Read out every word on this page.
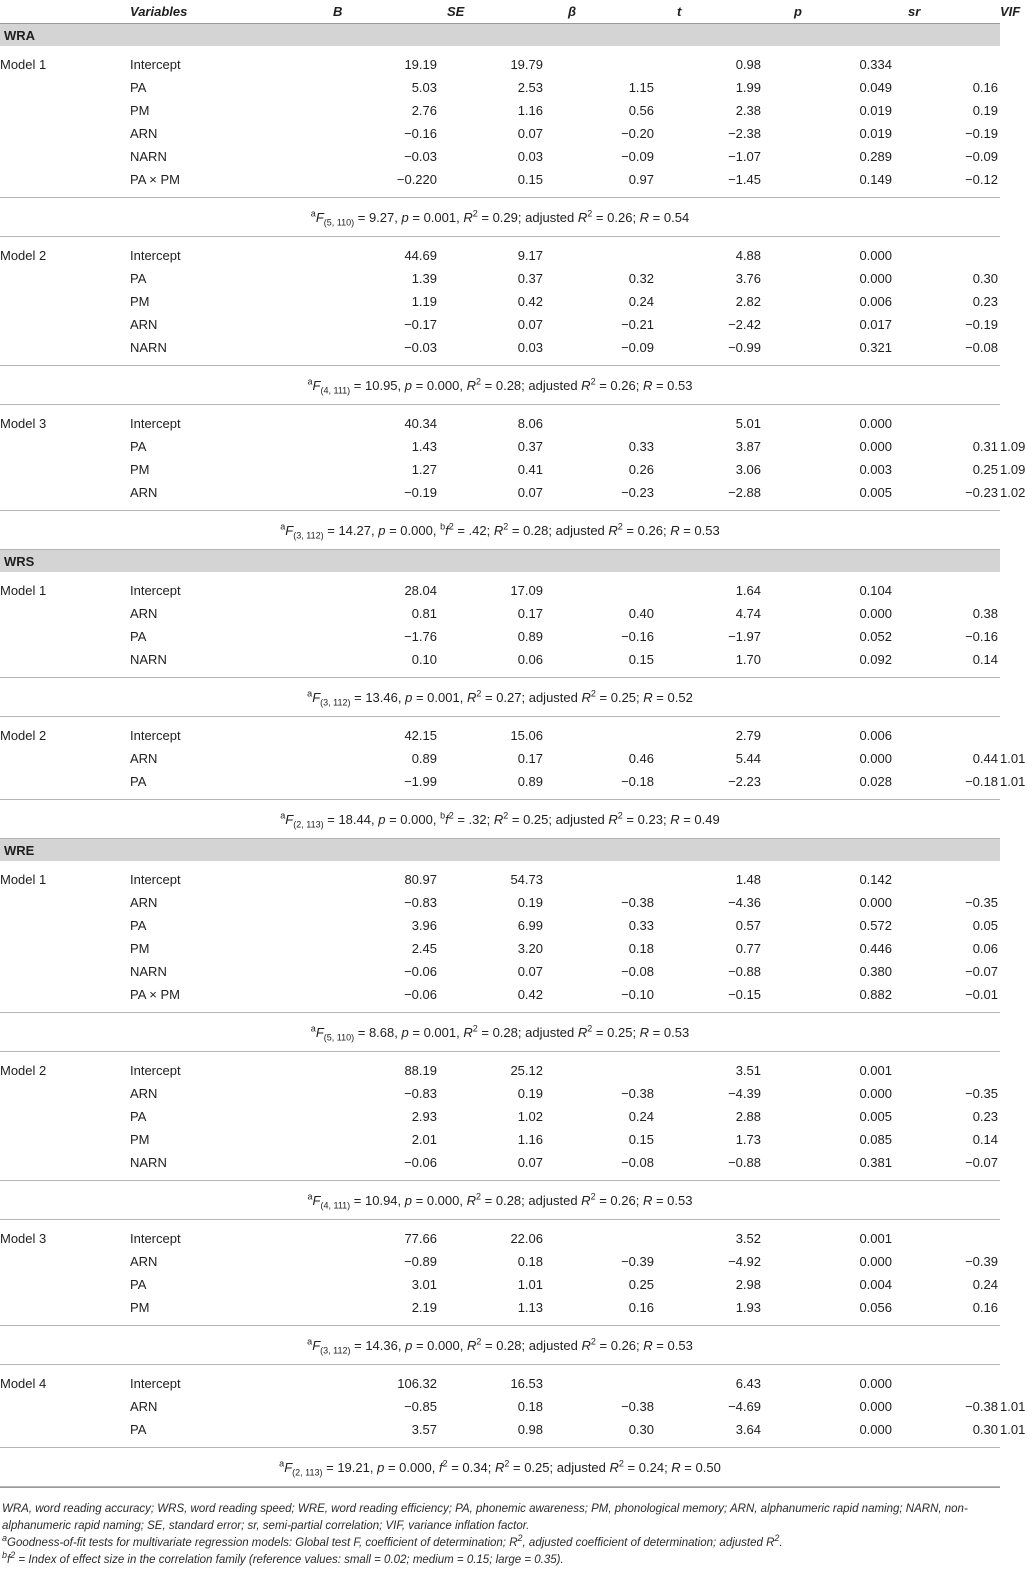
	Variables		B	SE	β	t	p	sr	VIF
WRA									
Model 1	Intercept		19.19	19.79		0.98	0.334		
	PA		5.03	2.53	1.15	1.99	0.049	0.16	
	PM		2.76	1.16	0.56	2.38	0.019	0.19	
	ARN		−0.16	0.07	−0.20	−2.38	0.019	−0.19	
	NARN		−0.03	0.03	−0.09	−1.07	0.289	−0.09	
	PA × PM		−0.220	0.15	0.97	−1.45	0.149	−0.12	
$^aF_{(5, 110)} = 9.27$, p = 0.001, $R^2 = 0.29$; adjusted $R^2 = 0.26$; R = 0.54									
Model 2	Intercept		44.69	9.17		4.88	0.000		
	PA		1.39	0.37	0.32	3.76	0.000	0.30	
	PM		1.19	0.42	0.24	2.82	0.006	0.23	
	ARN		−0.17	0.07	−0.21	−2.42	0.017	−0.19	
	NARN		−0.03	0.03	−0.09	−0.99	0.321	−0.08	
$^aF_{(4, 111)} = 10.95$, p = 0.000, $R^2 = 0.28$; adjusted $R^2 = 0.26$; R = 0.53									
Model 3	Intercept		40.34	8.06		5.01	0.000		
	PA		1.43	0.37	0.33	3.87	0.000	0.31	1.09
	PM		1.27	0.41	0.26	3.06	0.003	0.25	1.09
	ARN		−0.19	0.07	−0.23	−2.88	0.005	−0.23	1.02
$^aF_{(3, 112)} = 14.27$, p = 0.000, $^bf^2 = .42$; $R^2 = 0.28$; adjusted $R^2 = 0.26$; R = 0.53									
WRS									
Model 1	Intercept		28.04	17.09		1.64	0.104		
	ARN		0.81	0.17	0.40	4.74	0.000	0.38	
	PA		−1.76	0.89	−0.16	−1.97	0.052	−0.16	
	NARN		0.10	0.06	0.15	1.70	0.092	0.14	
$^aF_{(3, 112)} = 13.46$, p = 0.001, $R^2 = 0.27$; adjusted $R^2 = 0.25$; R = 0.52									
Model 2	Intercept		42.15	15.06		2.79	0.006		
	ARN		0.89	0.17	0.46	5.44	0.000	0.44	1.01
	PA		−1.99	0.89	−0.18	−2.23	0.028	−0.18	1.01
$^aF_{(2, 113)} = 18.44$, p = 0.000, $^bf^2 = .32$; $R^2 = 0.25$; adjusted $R^2 = 0.23$; R = 0.49									
WRE									
Model 1	Intercept		80.97	54.73		1.48	0.142		
	ARN		−0.83	0.19	−0.38	−4.36	0.000	−0.35	
	PA		3.96	6.99	0.33	0.57	0.572	0.05	
	PM		2.45	3.20	0.18	0.77	0.446	0.06	
	NARN		−0.06	0.07	−0.08	−0.88	0.380	−0.07	
	PA × PM		−0.06	0.42	−0.10	−0.15	0.882	−0.01	
$^aF_{(5, 110)} = 8.68$, p = 0.001, $R^2 = 0.28$; adjusted $R^2 = 0.25$; R = 0.53									
Model 2	Intercept		88.19	25.12		3.51	0.001		
	ARN		−0.83	0.19	−0.38	−4.39	0.000	−0.35	
	PA		2.93	1.02	0.24	2.88	0.005	0.23	
	PM		2.01	1.16	0.15	1.73	0.085	0.14	
	NARN		−0.06	0.07	−0.08	−0.88	0.381	−0.07	
$^aF_{(4, 111)} = 10.94$, p = 0.000, $R^2 = 0.28$; adjusted $R^2 = 0.26$; R = 0.53									
Model 3	Intercept		77.66	22.06		3.52	0.001		
	ARN		−0.89	0.18	−0.39	−4.92	0.000	−0.39	
	PA		3.01	1.01	0.25	2.98	0.004	0.24	
	PM		2.19	1.13	0.16	1.93	0.056	0.16	
$^aF_{(3, 112)} = 14.36$, p = 0.000, $R^2 = 0.28$; adjusted $R^2 = 0.26$; R = 0.53									
Model 4	Intercept		106.32	16.53		6.43	0.000		
	ARN		−0.85	0.18	−0.38	−4.69	0.000	−0.38	1.01
	PA		3.57	0.98	0.30	3.64	0.000	0.30	1.01
$^aF_{(2, 113)} = 19.21$, p = 0.000, $f^2 = 0.34$; $R^2 = 0.25$; adjusted $R^2 = 0.24$; R = 0.50									

WRA, word reading accuracy; WRS, word reading speed; WRE, word reading efficiency; PA, phonemic awareness; PM, phonological memory; ARN, alphanumeric rapid naming; NARN, non-alphanumeric rapid naming; SE, standard error; sr, semi-partial correlation; VIF, variance inflation factor.

$^a$Goodness-of-fit tests for multivariate regression models: Global test F, coefficient of determination; $R^2$, adjusted coefficient of determination; adjusted $R^2$.

$^bf^2$ = Index of effect size in the correlation family (reference values: small = 0.02; medium = 0.15; large = 0.35).
